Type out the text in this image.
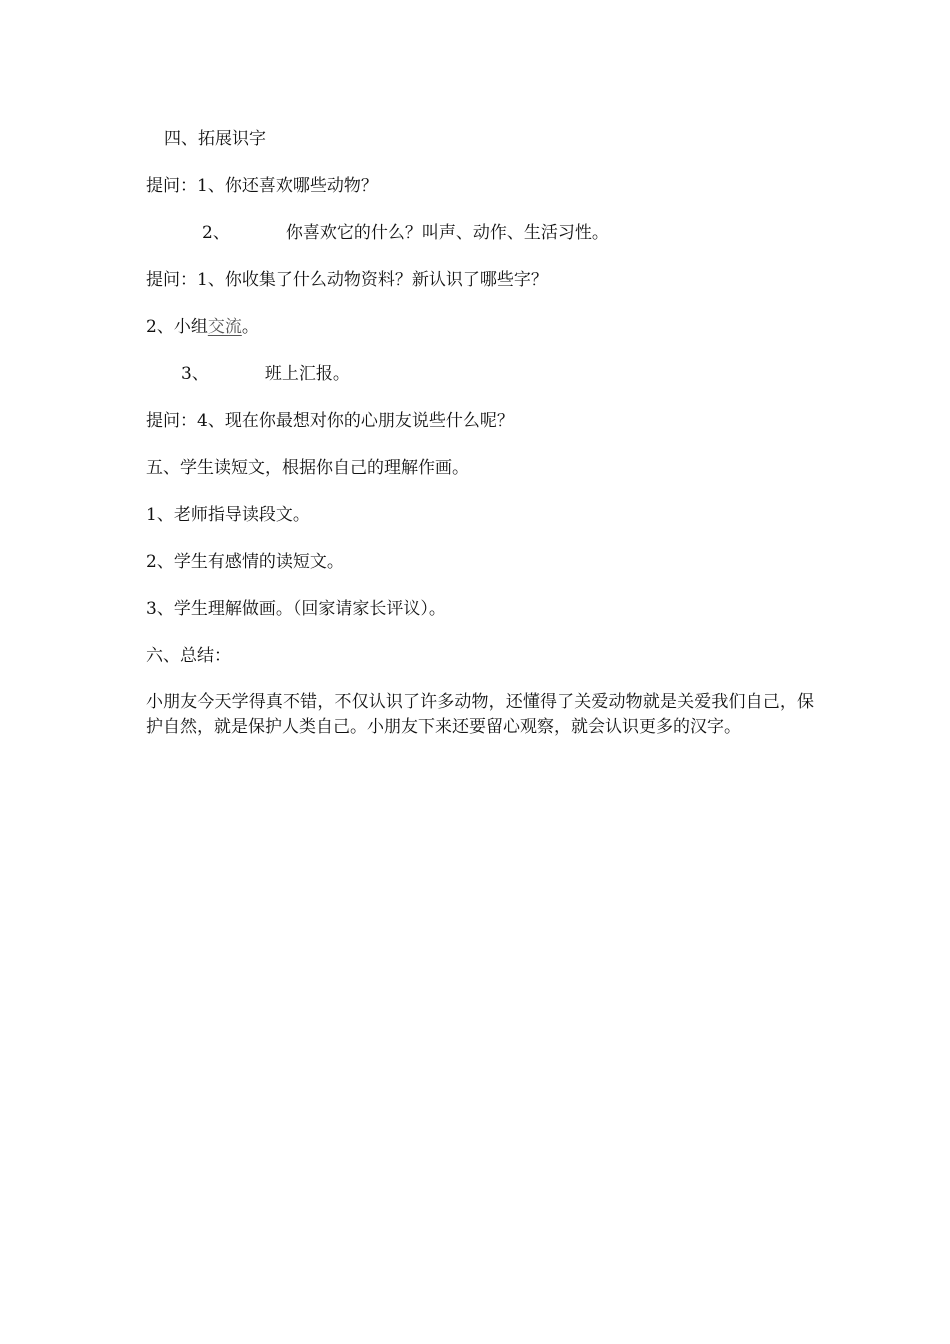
四、拓展识字
提问：1、你还喜欢哪些动物？
2、	你喜欢它的什么？叫声、动作、生活习性。
提问：1、你收集了什么动物资料？新认识了哪些字？
2、小组交流。
3、	班上汇报。
提问：4、现在你最想对你的心朋友说些什么呢？
五、学生读短文，根据你自己的理解作画。
1、老师指导读段文。
2、学生有感情的读短文。
3、学生理解做画。（回家请家长评议）。
六、总结：
小朋友今天学得真不错，不仅认识了许多动物，还懂得了关爱动物就是关爱我们自己，保护自然，就是保护人类自己。小朋友下来还要留心观察，就会认识更多的汉字。
